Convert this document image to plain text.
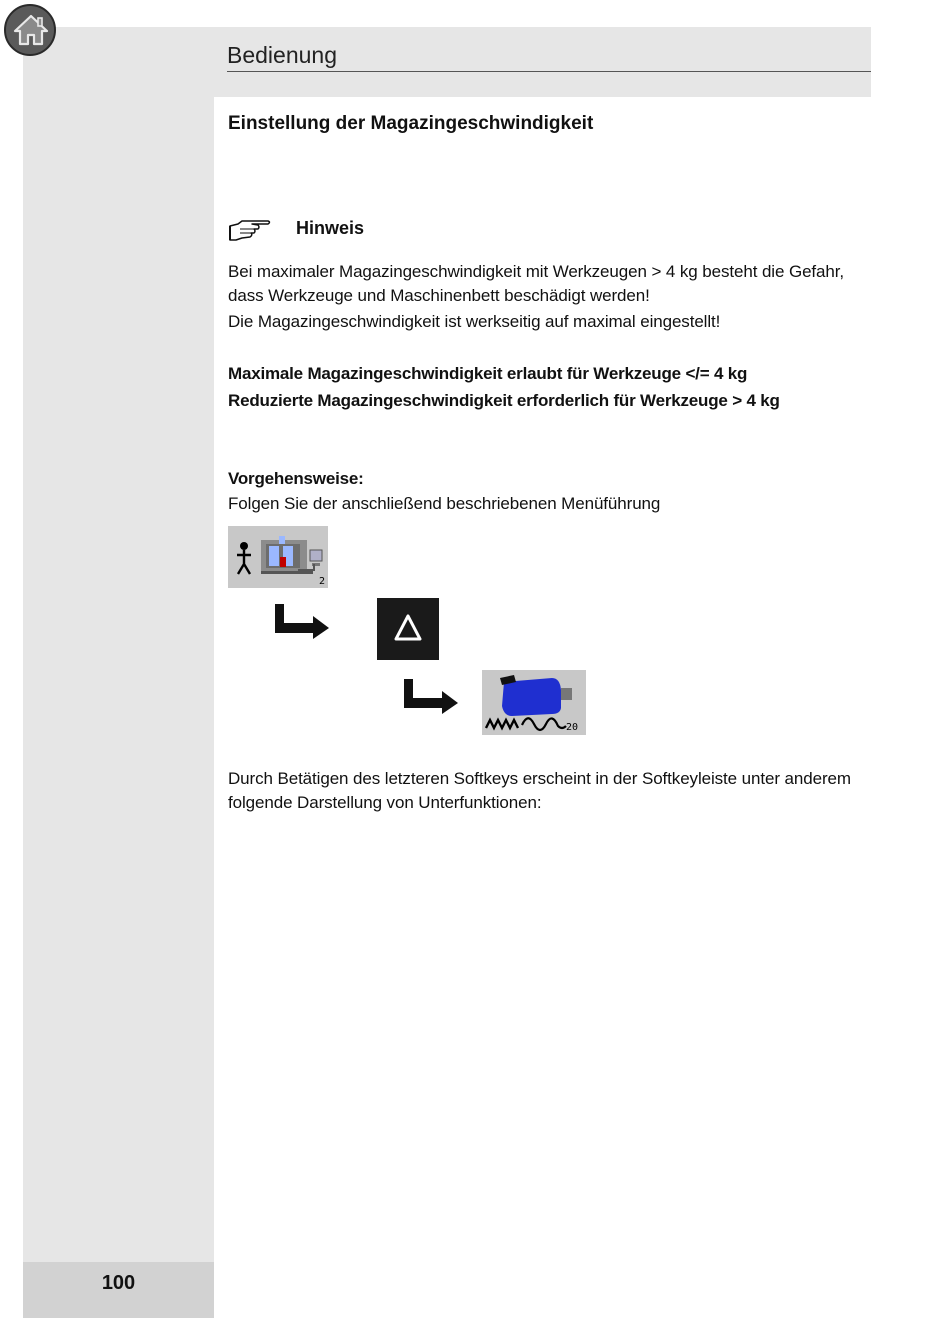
100
Bedienung
Einstellung der Magazingeschwindigkeit
Hinweis
Bei maximaler Magazingeschwindigkeit mit Werkzeugen > 4 kg besteht die Gefahr,
dass Werkzeuge und Maschinenbett beschädigt werden!
Die Magazingeschwindigkeit ist werkseitig auf maximal eingestellt!
Maximale Magazingeschwindigkeit erlaubt für Werkzeuge </= 4 kg
Reduzierte Magazingeschwindigkeit erforderlich für Werkzeuge > 4 kg
Vorgehensweise:
Folgen Sie der anschließend beschriebenen Menüführung
2
20
Durch Betätigen des letzteren Softkeys erscheint in der Softkeyleiste unter anderem
folgende Darstellung von Unterfunktionen:
